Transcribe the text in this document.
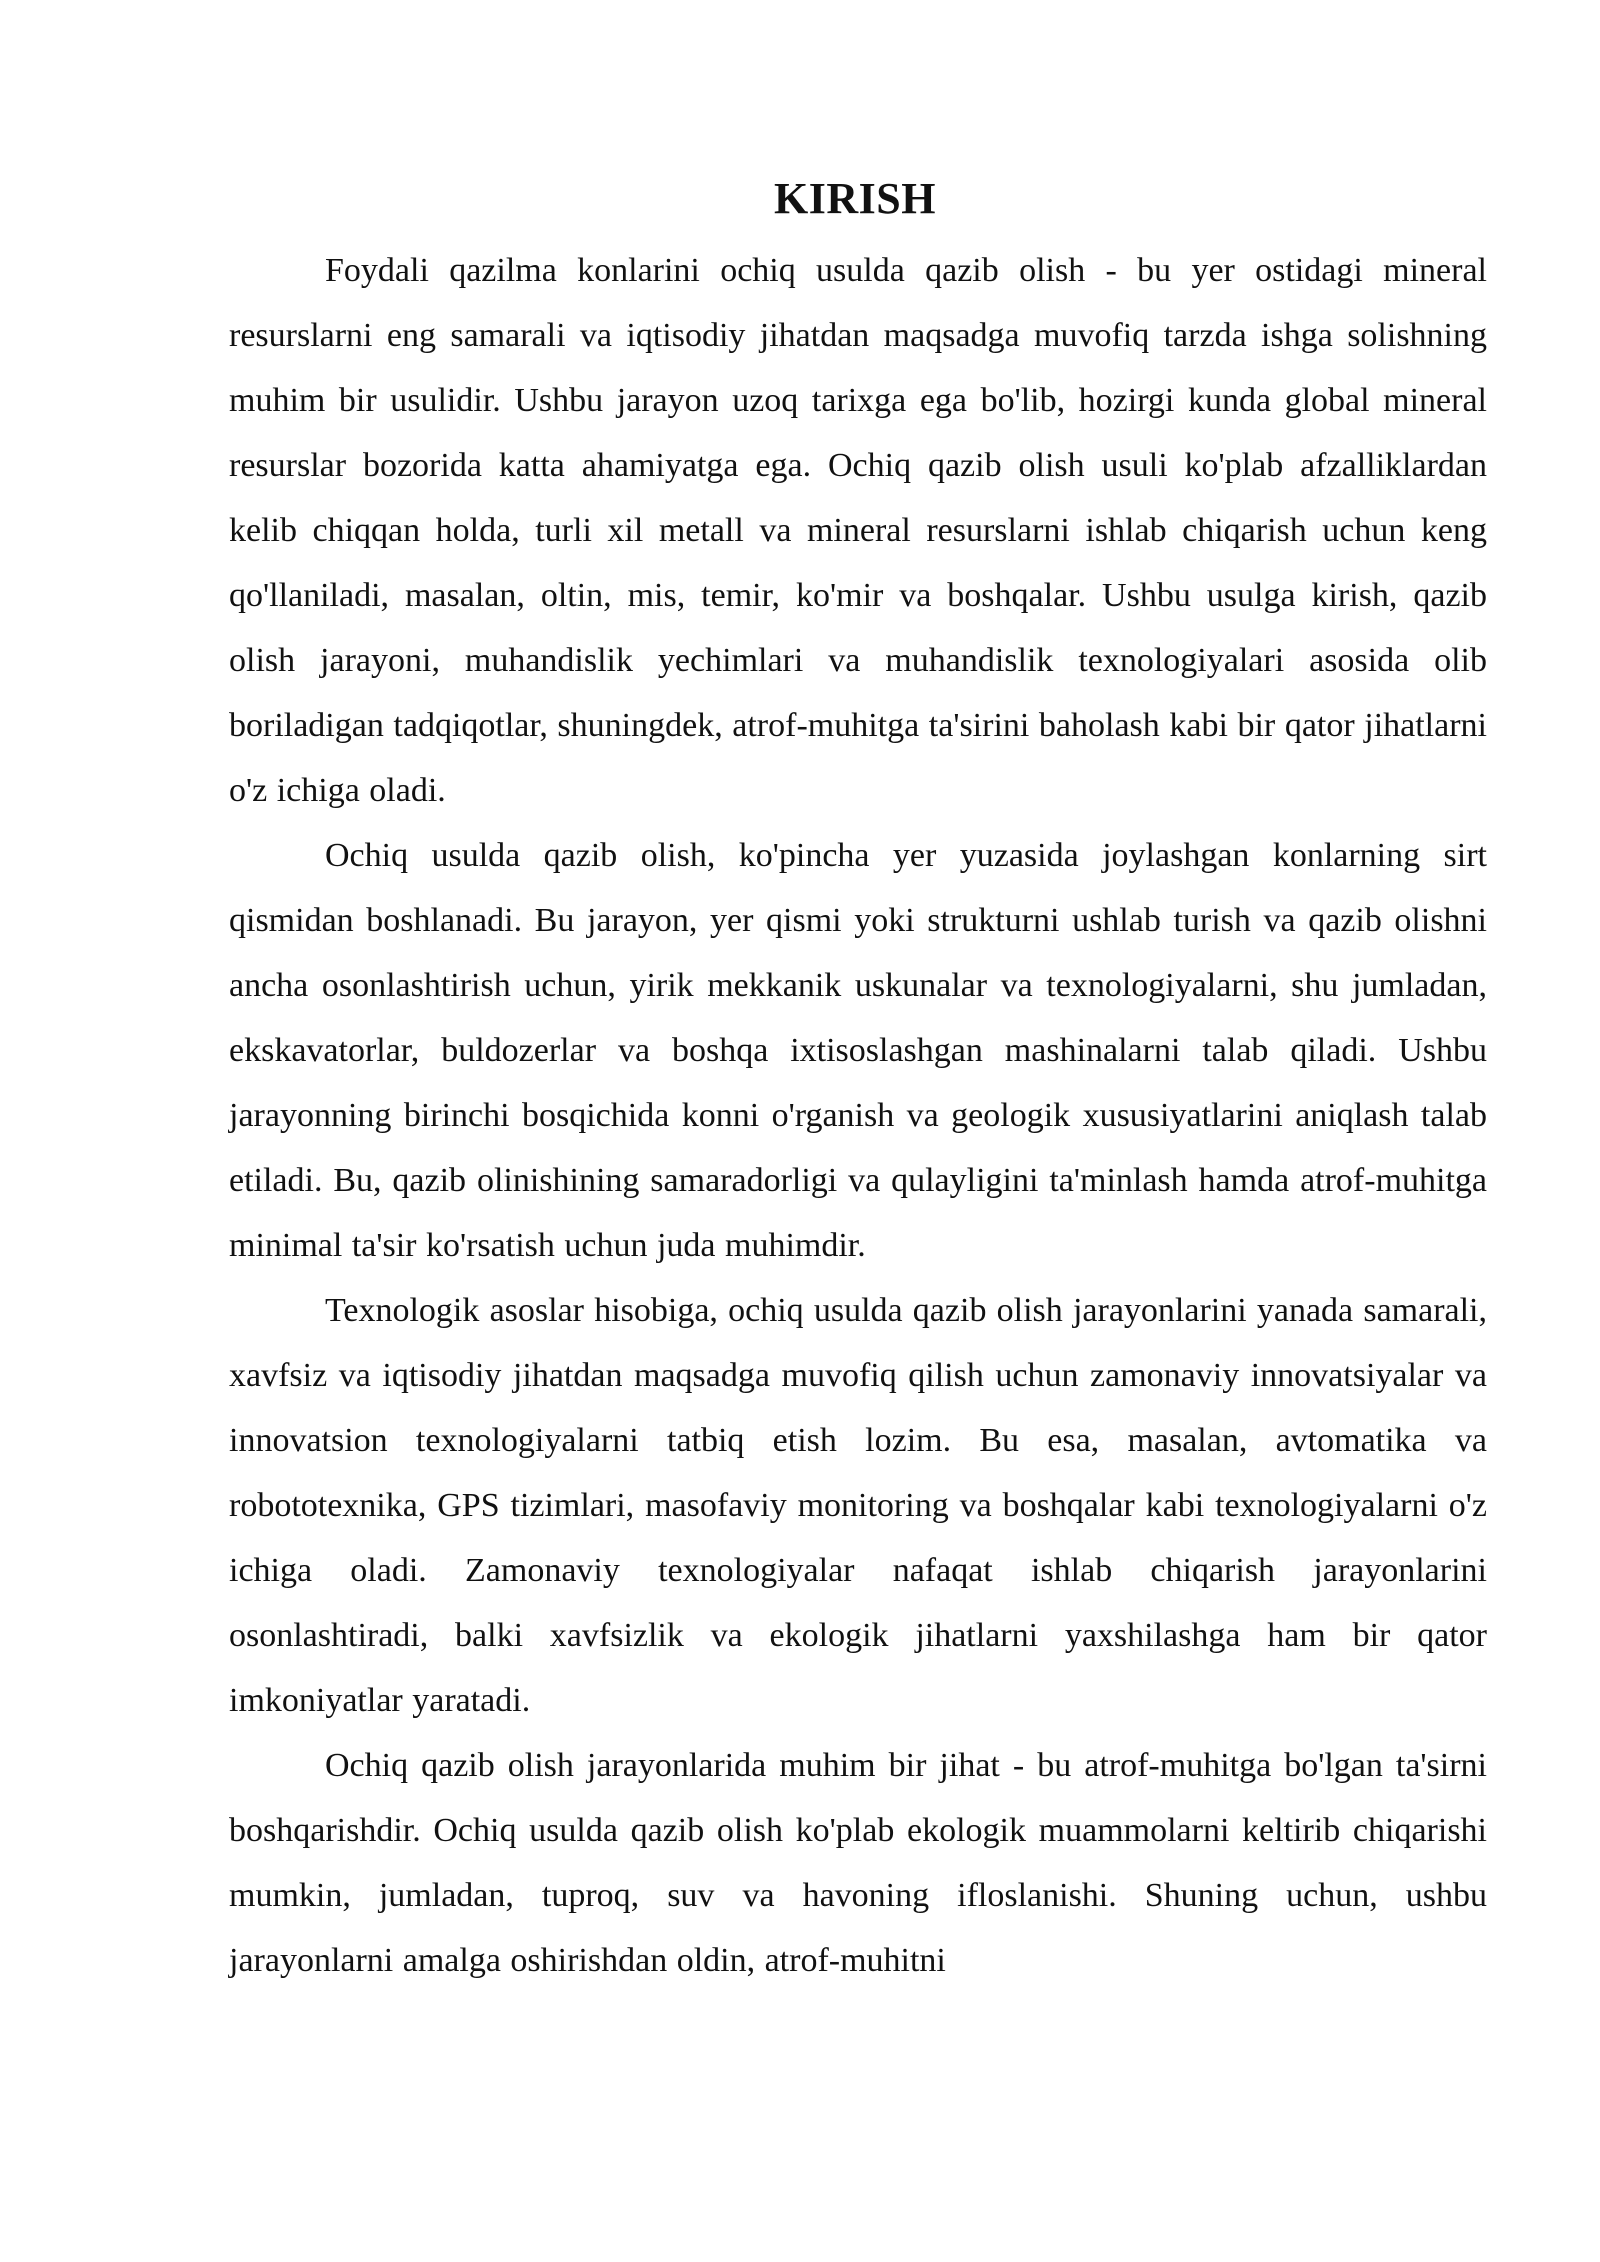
KIRISH

Foydali qazilma konlarini ochiq usulda qazib olish - bu yer ostidagi mineral resurslarni eng samarali va iqtisodiy jihatdan maqsadga muvofiq tarzda ishga solishning muhim bir usulidir. Ushbu jarayon uzoq tarixga ega bo'lib, hozirgi kunda global mineral resurslar bozorida katta ahamiyatga ega. Ochiq qazib olish usuli ko'plab afzalliklardan kelib chiqqan holda, turli xil metall va mineral resurslarni ishlab chiqarish uchun keng qo'llaniladi, masalan, oltin, mis, temir, ko'mir va boshqalar. Ushbu usulga kirish, qazib olish jarayoni, muhandislik yechimlari va muhandislik texnologiyalari asosida olib boriladigan tadqiqotlar, shuningdek, atrof-muhitga ta'sirini baholash kabi bir qator jihatlarni o'z ichiga oladi.

Ochiq usulda qazib olish, ko'pincha yer yuzasida joylashgan konlarning sirt qismidan boshlanadi. Bu jarayon, yer qismi yoki strukturni ushlab turish va qazib olishni ancha osonlashtirish uchun, yirik mekkanik uskunalar va texnologiyalarni, shu jumladan, ekskavatorlar, buldozerlar va boshqa ixtisoslashgan mashinalarni talab qiladi. Ushbu jarayonning birinchi bosqichida konni o'rganish va geologik xususiyatlarini aniqlash talab etiladi. Bu, qazib olinishining samaradorligi va qulayligini ta'minlash hamda atrof-muhitga minimal ta'sir ko'rsatish uchun juda muhimdir.

Texnologik asoslar hisobiga, ochiq usulda qazib olish jarayonlarini yanada samarali, xavfsiz va iqtisodiy jihatdan maqsadga muvofiq qilish uchun zamonaviy innovatsiyalar va innovatsion texnologiyalarni tatbiq etish lozim. Bu esa, masalan, avtomatika va robototexnika, GPS tizimlari, masofaviy monitoring va boshqalar kabi texnologiyalarni o'z ichiga oladi. Zamonaviy texnologiyalar nafaqat ishlab chiqarish jarayonlarini osonlashtiradi, balki xavfsizlik va ekologik jihatlarni yaxshilashga ham bir qator imkoniyatlar yaratadi.

Ochiq qazib olish jarayonlarida muhim bir jihat - bu atrof-muhitga bo'lgan ta'sirni boshqarishdir. Ochiq usulda qazib olish ko'plab ekologik muammolarni keltirib chiqarishi mumkin, jumladan, tuproq, suv va havoning ifloslanishi. Shuning uchun, ushbu jarayonlarni amalga oshirishdan oldin, atrof-muhitni
